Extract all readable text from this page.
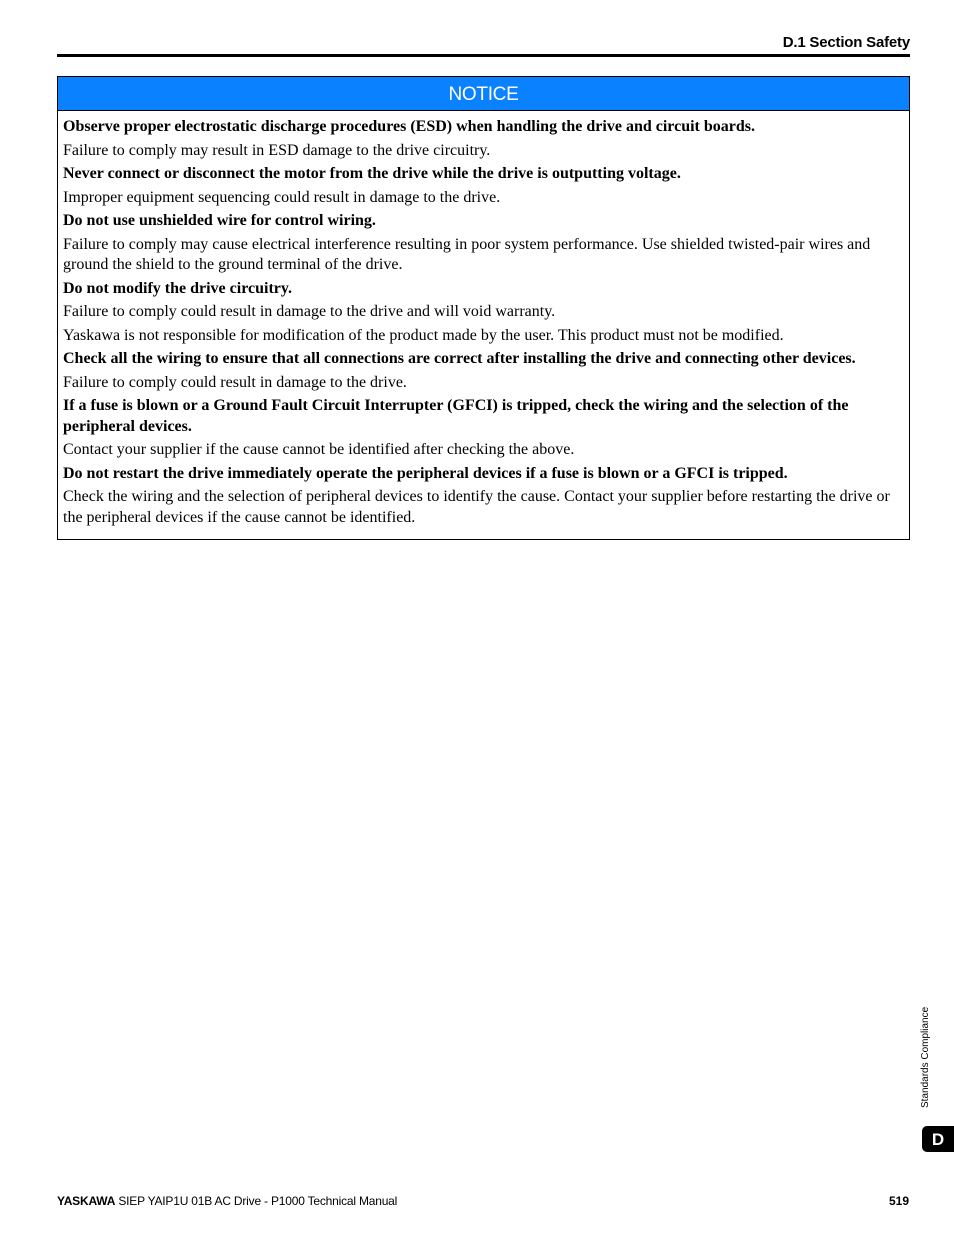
D.1 Section Safety
NOTICE

Observe proper electrostatic discharge procedures (ESD) when handling the drive and circuit boards.

Failure to comply may result in ESD damage to the drive circuitry.

Never connect or disconnect the motor from the drive while the drive is outputting voltage.

Improper equipment sequencing could result in damage to the drive.

Do not use unshielded wire for control wiring.

Failure to comply may cause electrical interference resulting in poor system performance. Use shielded twisted-pair wires and ground the shield to the ground terminal of the drive.

Do not modify the drive circuitry.

Failure to comply could result in damage to the drive and will void warranty.

Yaskawa is not responsible for modification of the product made by the user. This product must not be modified.

Check all the wiring to ensure that all connections are correct after installing the drive and connecting other devices.

Failure to comply could result in damage to the drive.

If a fuse is blown or a Ground Fault Circuit Interrupter (GFCI) is tripped, check the wiring and the selection of the peripheral devices.

Contact your supplier if the cause cannot be identified after checking the above.

Do not restart the drive immediately operate the peripheral devices if a fuse is blown or a GFCI is tripped.

Check the wiring and the selection of peripheral devices to identify the cause. Contact your supplier before restarting the drive or the peripheral devices if the cause cannot be identified.

Standards Compliance
D
YASKAWA SIEP YAIP1U 01B AC Drive - P1000 Technical Manual	519
